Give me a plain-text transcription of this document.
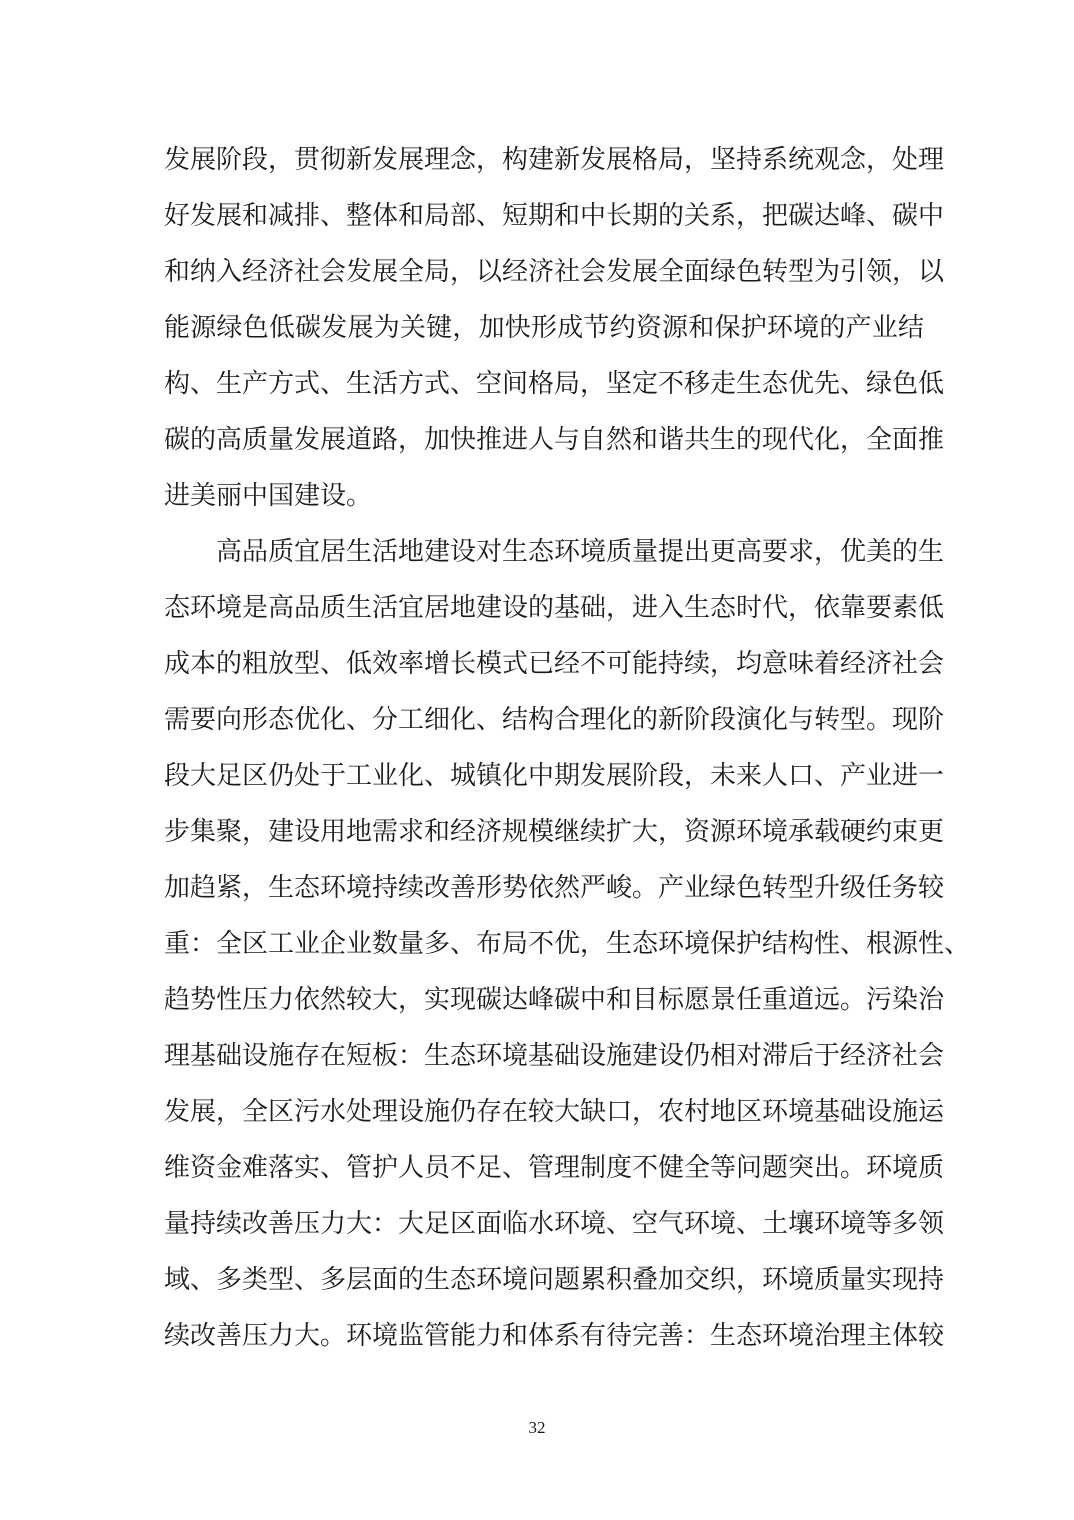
发展阶段，贯彻新发展理念，构建新发展格局，坚持系统观念，处理
好发展和减排、整体和局部、短期和中长期的关系，把碳达峰、碳中
和纳入经济社会发展全局，以经济社会发展全面绿色转型为引领，以
能源绿色低碳发展为关键，加快形成节约资源和保护环境的产业结
构、生产方式、生活方式、空间格局，坚定不移走生态优先、绿色低
碳的高质量发展道路，加快推进人与自然和谐共生的现代化，全面推
进美丽中国建设。
高品质宜居生活地建设对生态环境质量提出更高要求，优美的生
态环境是高品质生活宜居地建设的基础，进入生态时代，依靠要素低
成本的粗放型、低效率增长模式已经不可能持续，均意味着经济社会
需要向形态优化、分工细化、结构合理化的新阶段演化与转型。现阶
段大足区仍处于工业化、城镇化中期发展阶段，未来人口、产业进一
步集聚，建设用地需求和经济规模继续扩大，资源环境承载硬约束更
加趋紧，生态环境持续改善形势依然严峻。产业绿色转型升级任务较
重：全区工业企业数量多、布局不优，生态环境保护结构性、根源性、
趋势性压力依然较大，实现碳达峰碳中和目标愿景任重道远。污染治
理基础设施存在短板：生态环境基础设施建设仍相对滞后于经济社会
发展，全区污水处理设施仍存在较大缺口，农村地区环境基础设施运
维资金难落实、管护人员不足、管理制度不健全等问题突出。环境质
量持续改善压力大：大足区面临水环境、空气环境、土壤环境等多领
域、多类型、多层面的生态环境问题累积叠加交织，环境质量实现持
续改善压力大。环境监管能力和体系有待完善：生态环境治理主体较
32
